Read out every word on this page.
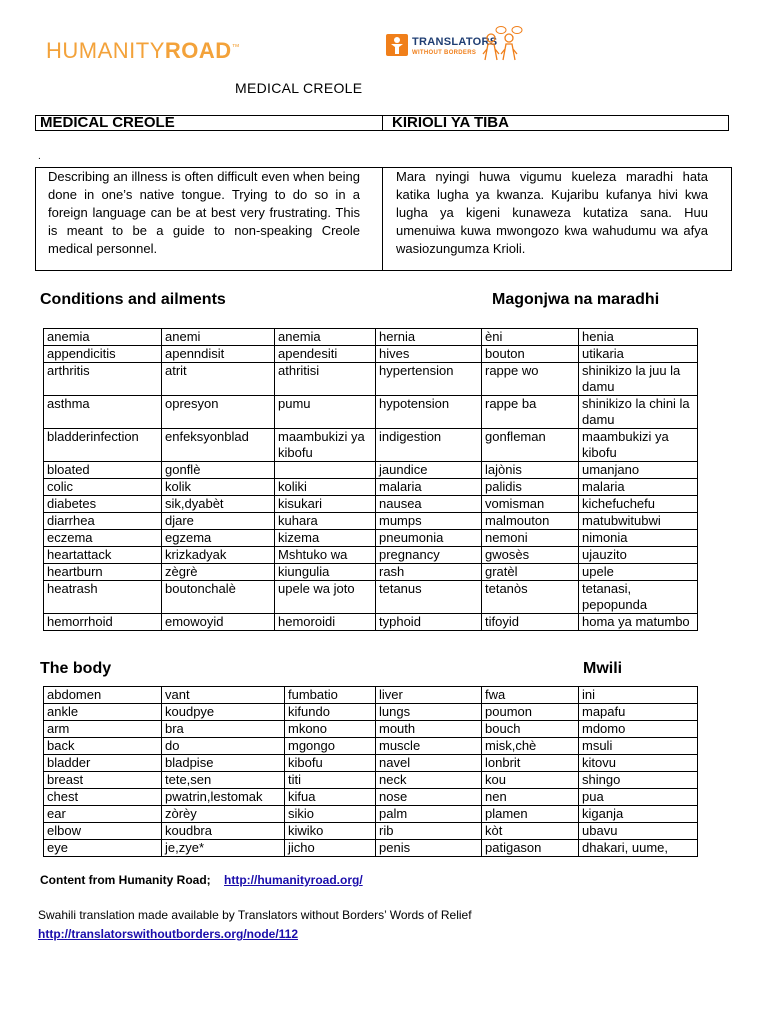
HUMANITYROAD™	TRANSLATORS
WITHOUT BORDERS
MEDICAL CREOLE
MEDICAL CREOLE	KIRIOLI YA TIBA
.

Describing an illness is often difficult even when being done in one’s native tongue. Trying to do so in a foreign language can be at best very frustrating. This is meant to be a guide to non-speaking Creole medical personnel.

Mara nyingi huwa vigumu kueleza maradhi hata katika lugha ya kwanza. Kujaribu kufanya hivi kwa lugha ya kigeni kunaweza kutatiza sana. Huu umenuiwa kuwa mwongozo kwa wahudumu wa afya wasiozungumza Krioli.

Conditions and ailments	Magonjwa na maradhi
anemia	anemi	anemia	hernia	èni	henia
appendicitis	apenndisit	apendesiti	hives	bouton	utikaria
arthritis	atrit	athritisi	hypertension	rappe wo	shinikizo la juu la damu
asthma	opresyon	pumu	hypotension	rappe ba	shinikizo la chini la damu
bladderinfection	enfeksyonblad	maambukizi ya kibofu	indigestion	gonfleman	maambukizi ya kibofu
bloated	gonflè		jaundice	lajònis	umanjano
colic	kolik	koliki	malaria	palidis	malaria
diabetes	sik,dyabèt	kisukari	nausea	vomisman	kichefuchefu
diarrhea	djare	kuhara	mumps	malmouton	matubwitubwi
eczema	egzema	kizema	pneumonia	nemoni	nimonia
heartattack	krizkadyak	Mshtuko wa	pregnancy	gwosès	ujauzito
heartburn	zègrè	kiungulia	rash	gratèl	upele
heatrash	boutonchalè	upele wa joto	tetanus	tetanòs	tetanasi, pepopunda
hemorrhoid	emowoyid	hemoroidi	typhoid	tifoyid	homa ya matumbo
The body	Mwili
abdomen	vant	fumbatio	liver	fwa	ini
ankle	koudpye	kifundo	lungs	poumon	mapafu
arm	bra	mkono	mouth	bouch	mdomo
back	do	mgongo	muscle	misk,chè	msuli
bladder	bladpise	kibofu	navel	lonbrit	kitovu
breast	tete,sen	titi	neck	kou	shingo
chest	pwatrin,lestomak	kifua	nose	nen	pua
ear	zòrèy	sikio	palm	plamen	kiganja
elbow	koudbra	kiwiko	rib	kòt	ubavu
eye	je,zye*	jicho	penis	patigason	dhakari, uume,
Content from Humanity Road; http://humanityroad.org/
Swahili translation made available by Translators without Borders’ Words of Relief
http://translatorswithoutborders.org/node/112
